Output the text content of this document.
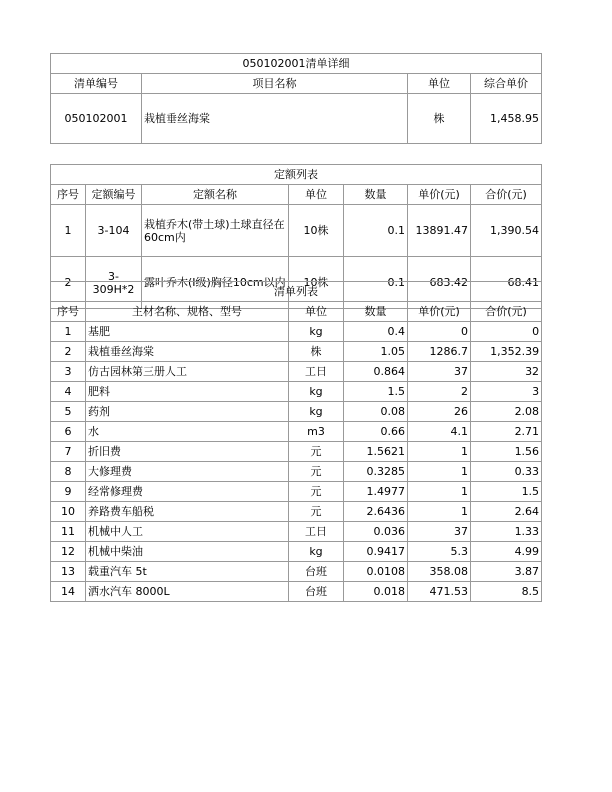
050102001清单详细			
清单编号	项目名称	单位	综合单价
050102001	栽植垂丝海棠	株	1,458.95
定额列表						
序号	定额编号	定额名称	单位	数量	单价(元)	合价(元)
1	3-104	栽植乔木(带土球)土球直径在60cm内	10株	0.1	13891.47	1,390.54
2	3-309H*2	露叶乔木(I级)胸径10cm以内	10株	0.1	683.42	68.41
清单列表					
序号	主材名称、规格、型号	单位	数量	单价(元)	合价(元)
1	基肥	kg	0.4	0	0
2	栽植垂丝海棠	株	1.05	1286.7	1,352.39
3	仿古园林第三册人工	工日	0.864	37	32
4	肥料	kg	1.5	2	3
5	药剂	kg	0.08	26	2.08
6	水	m3	0.66	4.1	2.71
7	折旧费	元	1.5621	1	1.56
8	大修理费	元	0.3285	1	0.33
9	经常修理费	元	1.4977	1	1.5
10	养路费车船税	元	2.6436	1	2.64
11	机械中人工	工日	0.036	37	1.33
12	机械中柴油	kg	0.9417	5.3	4.99
13	载重汽车 5t	台班	0.0108	358.08	3.87
14	洒水汽车 8000L	台班	0.018	471.53	8.5
